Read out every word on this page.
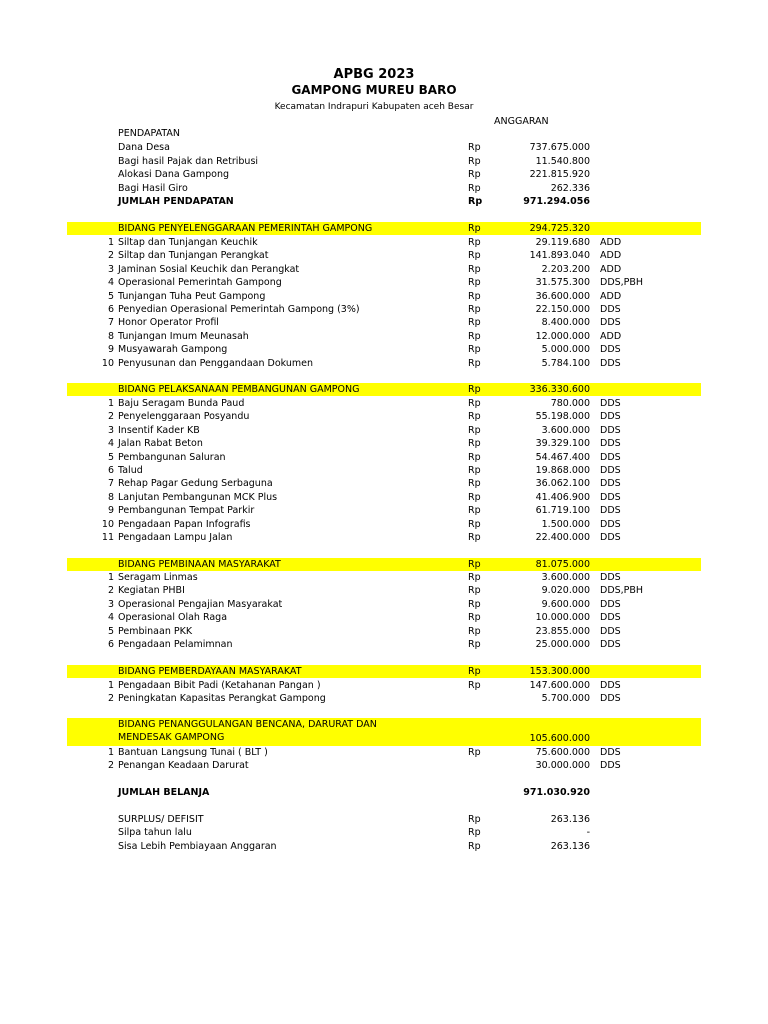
APBG 2023
GAMPONG MUREU BARO
Kecamatan Indrapuri Kabupaten aceh Besar
ANGGARAN
PENDAPATAN
Dana Desa	Rp	737.675.000
Bagi hasil Pajak dan Retribusi	Rp	11.540.800
Alokasi Dana Gampong	Rp	221.815.920
Bagi Hasil Giro	Rp	262.336
JUMLAH PENDAPATAN	Rp	971.294.056
BIDANG PENYELENGGARAAN PEMERINTAH GAMPONG	Rp	294.725.320
1 Siltap dan Tunjangan Keuchik	Rp	29.119.680 ADD
2 Siltap dan Tunjangan Perangkat	Rp	141.893.040 ADD
3 Jaminan Sosial Keuchik dan Perangkat	Rp	2.203.200 ADD
4 Operasional Pemerintah Gampong	Rp	31.575.300 DDS,PBH
5 Tunjangan Tuha Peut Gampong	Rp	36.600.000 ADD
6 Penyedian Operasional Pemerintah Gampong (3%)	Rp	22.150.000 DDS
7 Honor Operator Profil	Rp	8.400.000 DDS
8 Tunjangan Imum Meunasah	Rp	12.000.000 ADD
9 Musyawarah Gampong	Rp	5.000.000 DDS
10 Penyusunan dan Penggandaan Dokumen	Rp	5.784.100 DDS
BIDANG PELAKSANAAN PEMBANGUNAN GAMPONG	Rp	336.330.600
1 Baju Seragam Bunda Paud	Rp	780.000 DDS
2 Penyelenggaraan Posyandu	Rp	55.198.000 DDS
3 Insentif Kader KB	Rp	3.600.000 DDS
4 Jalan Rabat Beton	Rp	39.329.100 DDS
5 Pembangunan Saluran	Rp	54.467.400 DDS
6 Talud	Rp	19.868.000 DDS
7 Rehap Pagar Gedung Serbaguna	Rp	36.062.100 DDS
8 Lanjutan Pembangunan MCK Plus	Rp	41.406.900 DDS
9 Pembangunan Tempat Parkir	Rp	61.719.100 DDS
10 Pengadaan Papan Infografis	Rp	1.500.000 DDS
11 Pengadaan Lampu Jalan	Rp	22.400.000 DDS
BIDANG PEMBINAAN MASYARAKAT	Rp	81.075.000
1 Seragam Linmas	Rp	3.600.000 DDS
2 Kegiatan PHBI	Rp	9.020.000 DDS,PBH
3 Operasional Pengajian Masyarakat	Rp	9.600.000 DDS
4 Operasional Olah Raga	Rp	10.000.000 DDS
5 Pembinaan PKK	Rp	23.855.000 DDS
6 Pengadaan Pelamimnan	Rp	25.000.000 DDS
BIDANG PEMBERDAYAAN MASYARAKAT	Rp	153.300.000
1 Pengadaan Bibit Padi (Ketahanan Pangan )	Rp	147.600.000 DDS
2 Peningkatan Kapasitas Perangkat Gampong	5.700.000 DDS
BIDANG PENANGGULANGAN BENCANA, DARURAT DAN MENDESAK GAMPONG	105.600.000
1 Bantuan Langsung Tunai ( BLT )	Rp	75.600.000 DDS
2 Penangan Keadaan Darurat	30.000.000 DDS
JUMLAH BELANJA	971.030.920
SURPLUS/ DEFISIT	Rp	263.136
Silpa tahun lalu	Rp	-
Sisa Lebih Pembiayaan Anggaran	Rp	263.136
